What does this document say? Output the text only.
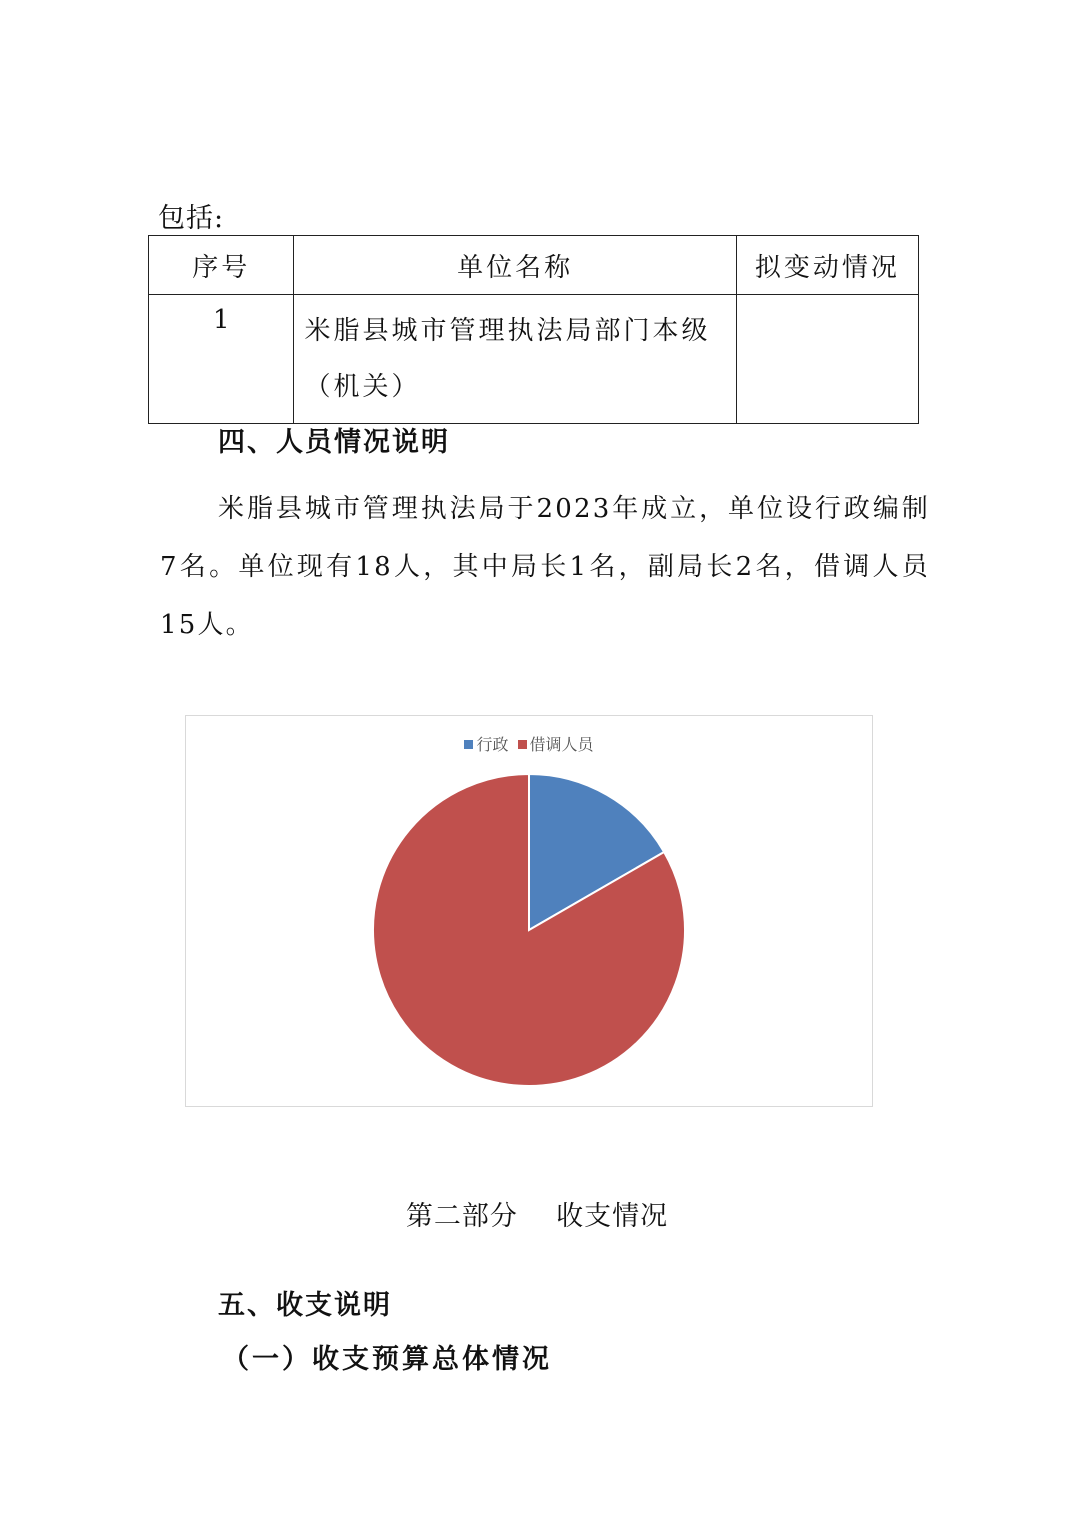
包括:
序号	单位名称	拟变动情况
1	米脂县城市管理执法局部门本级（机关）	
四、人员情况说明
米脂县城市管理执法局于2023年成立，单位设行政编制7名。单位现有18人，其中局长1名，副局长2名，借调人员15人。
行政 借调人员
第二部分    收支情况
五、收支说明
（一）收支预算总体情况
